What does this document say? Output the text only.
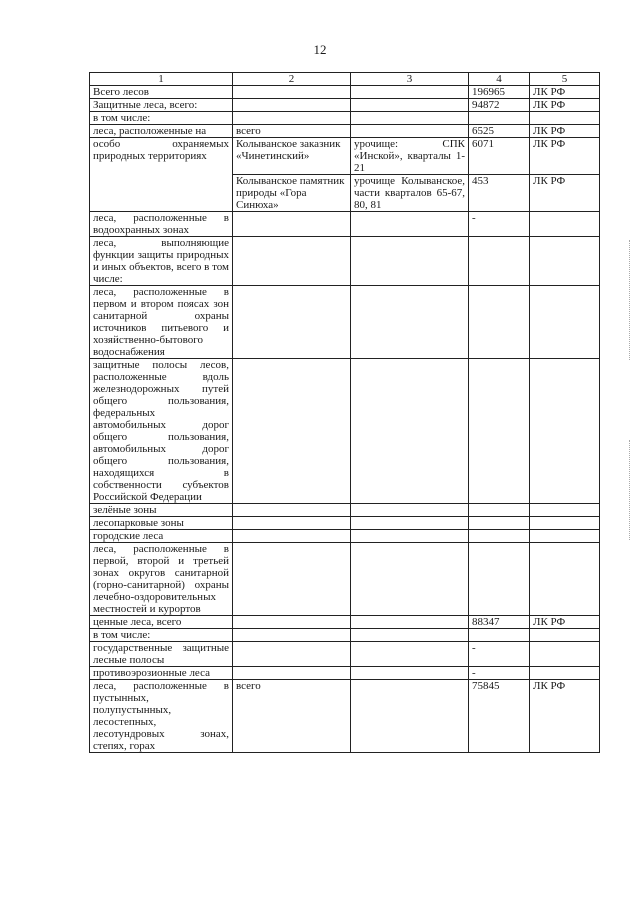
12
1	2	3	4	5
Всего лесов			196965	ЛК РФ
Защитные леса, всего:			94872	ЛК РФ
в том числе:				
леса, расположенные на	всего		6525	ЛК РФ
особо охраняемых природных территориях	Колыванское заказник «Чинетинский»	урочище: СПК «Инской», кварталы 1-21	6071	ЛК РФ
	Колыванское памятник природы «Гора Синюха»	урочище Колыванское, части кварталов 65-67, 80, 81	453	ЛК РФ
леса, расположенные в водоохранных зонах			-	
леса, выполняющие функции защиты природных и иных объектов, всего в том числе:				
леса, расположенные в первом и втором поясах зон санитарной охраны источников питьевого и хозяйственно-бытового водоснабжения				
защитные полосы лесов, расположенные вдоль железнодорожных путей общего пользования, федеральных автомобильных дорог общего пользования, автомобильных дорог общего пользования, находящихся в собственности субъектов Российской Федерации				
зелёные зоны				
лесопарковые зоны				
городские леса				
леса, расположенные в первой, второй и третьей зонах округов санитарной (горно-санитарной) охраны лечебно-оздоровительных местностей и курортов				
ценные леса, всего			88347	ЛК РФ
в том числе:				
государственные защитные лесные полосы			-	
противоэрозионные леса			-	
леса, расположенные в пустынных, полупустынных, лесостепных, лесотундровых зонах, степях, горах	всего		75845	ЛК РФ
